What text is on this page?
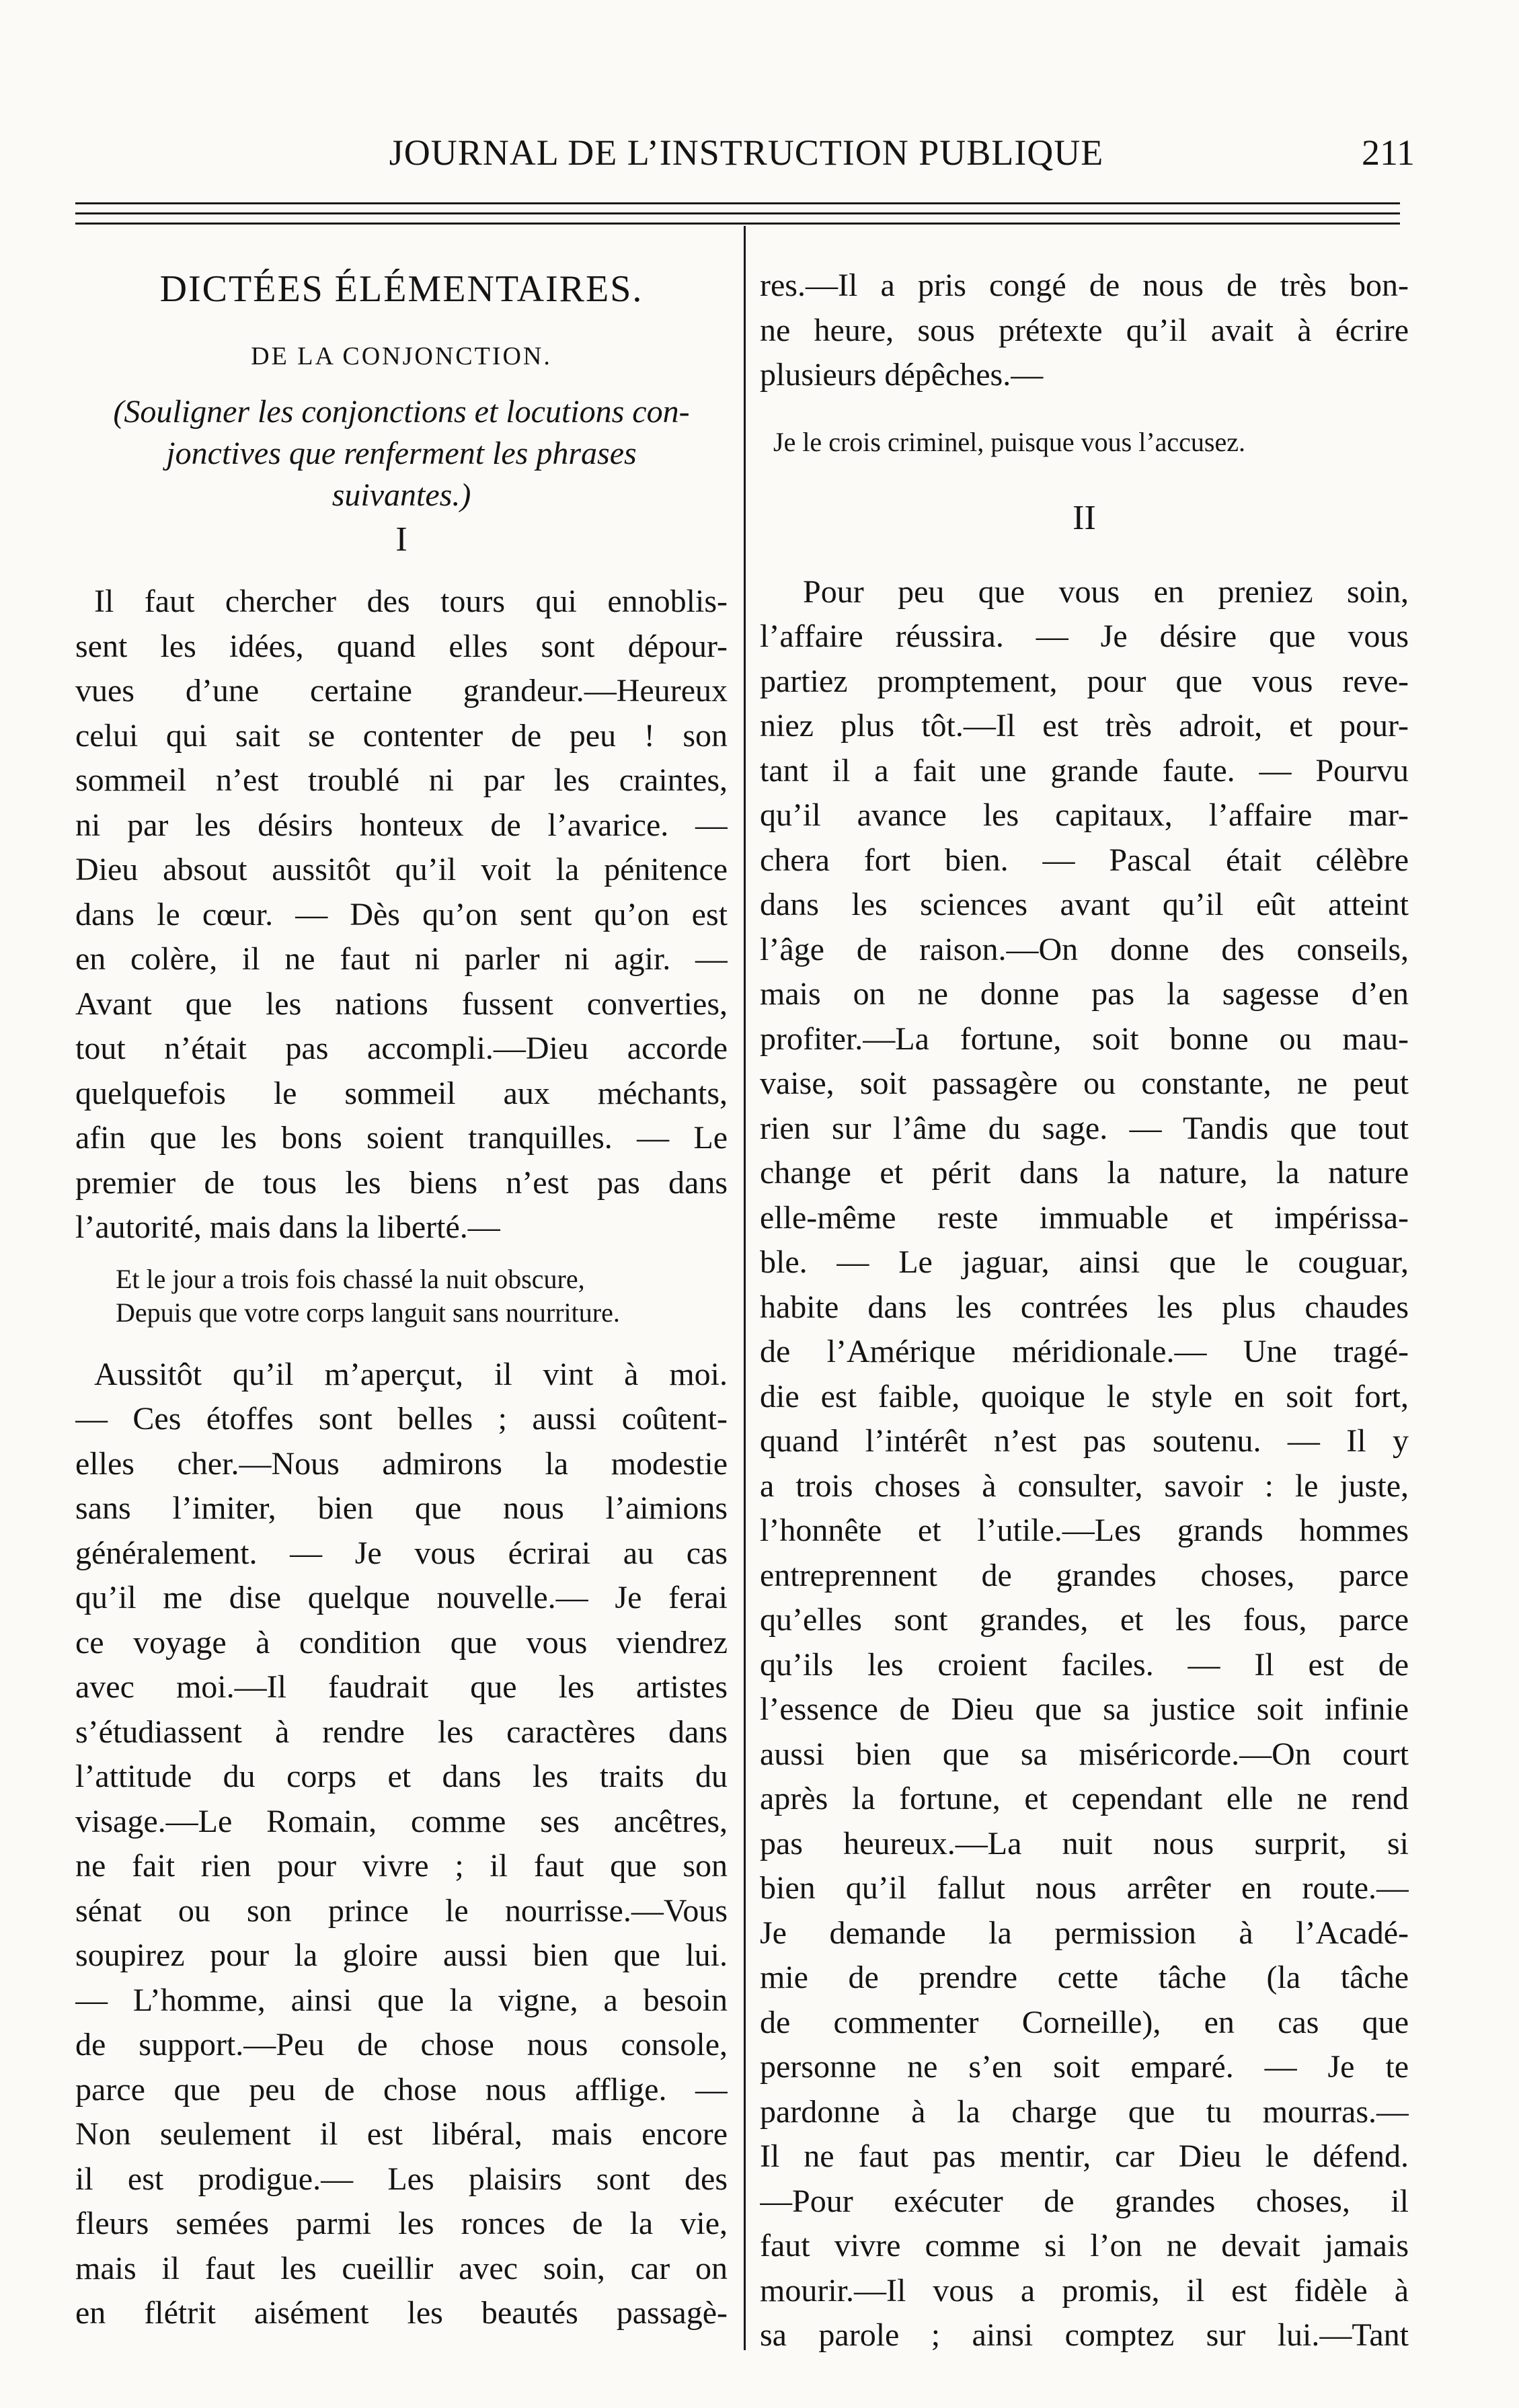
JOURNAL DE L’INSTRUCTION PUBLIQUE	211
DICTÉES ÉLÉMENTAIRES.
DE LA CONJONCTION.
(Souligner les conjonctions et locutions con-
jonctives que renferment les phrases
suivantes.)
I
Il faut chercher des tours qui ennoblis-
sent les idées, quand elles sont dépour-
vues d’une certaine grandeur.—Heureux
celui qui sait se contenter de peu ! son
sommeil n’est troublé ni par les craintes,
ni par les désirs honteux de l’avarice. —
Dieu absout aussitôt qu’il voit la pénitence
dans le cœur. — Dès qu’on sent qu’on est
en colère, il ne faut ni parler ni agir. —
Avant que les nations fussent converties,
tout n’était pas accompli.—Dieu accorde
quelquefois le sommeil aux méchants,
afin que les bons soient tranquilles. — Le
premier de tous les biens n’est pas dans
l’autorité, mais dans la liberté.—
Et le jour a trois fois chassé la nuit obscure,
Depuis que votre corps languit sans nourriture.
Aussitôt qu’il m’aperçut, il vint à moi.
— Ces étoffes sont belles ; aussi coûtent-
elles cher.—Nous admirons la modestie
sans l’imiter, bien que nous l’aimions
généralement. — Je vous écrirai au cas
qu’il me dise quelque nouvelle.— Je ferai
ce voyage à condition que vous viendrez
avec moi.—Il faudrait que les artistes
s’étudiassent à rendre les caractères dans
l’attitude du corps et dans les traits du
visage.—Le Romain, comme ses ancêtres,
ne fait rien pour vivre ; il faut que son
sénat ou son prince le nourrisse.—Vous
soupirez pour la gloire aussi bien que lui.
— L’homme, ainsi que la vigne, a besoin
de support.—Peu de chose nous console,
parce que peu de chose nous afflige. —
Non seulement il est libéral, mais encore
il est prodigue.— Les plaisirs sont des
fleurs semées parmi les ronces de la vie,
mais il faut les cueillir avec soin, car on
en flétrit aisément les beautés passagè-
res.—Il a pris congé de nous de très bon-
ne heure, sous prétexte qu’il avait à écrire
plusieurs dépêches.—
Je le crois criminel, puisque vous l’accusez.
II
Pour peu que vous en preniez soin,
l’affaire réussira. — Je désire que vous
partiez promptement, pour que vous reve-
niez plus tôt.—Il est très adroit, et pour-
tant il a fait une grande faute. — Pourvu
qu’il avance les capitaux, l’affaire mar-
chera fort bien. — Pascal était célèbre
dans les sciences avant qu’il eût atteint
l’âge de raison.—On donne des conseils,
mais on ne donne pas la sagesse d’en
profiter.—La fortune, soit bonne ou mau-
vaise, soit passagère ou constante, ne peut
rien sur l’âme du sage. — Tandis que tout
change et périt dans la nature, la nature
elle-même reste immuable et impérissa-
ble. — Le jaguar, ainsi que le couguar,
habite dans les contrées les plus chaudes
de l’Amérique méridionale.— Une tragé-
die est faible, quoique le style en soit fort,
quand l’intérêt n’est pas soutenu. — Il y
a trois choses à consulter, savoir : le juste,
l’honnête et l’utile.—Les grands hommes
entreprennent de grandes choses, parce
qu’elles sont grandes, et les fous, parce
qu’ils les croient faciles. — Il est de
l’essence de Dieu que sa justice soit infinie
aussi bien que sa miséricorde.—On court
après la fortune, et cependant elle ne rend
pas heureux.—La nuit nous surprit, si
bien qu’il fallut nous arrêter en route.—
Je demande la permission à l’Acadé-
mie de prendre cette tâche (la tâche
de commenter Corneille), en cas que
personne ne s’en soit emparé. — Je te
pardonne à la charge que tu mourras.—
Il ne faut pas mentir, car Dieu le défend.
—Pour exécuter de grandes choses, il
faut vivre comme si l’on ne devait jamais
mourir.—Il vous a promis, il est fidèle à
sa parole ; ainsi comptez sur lui.—Tant
